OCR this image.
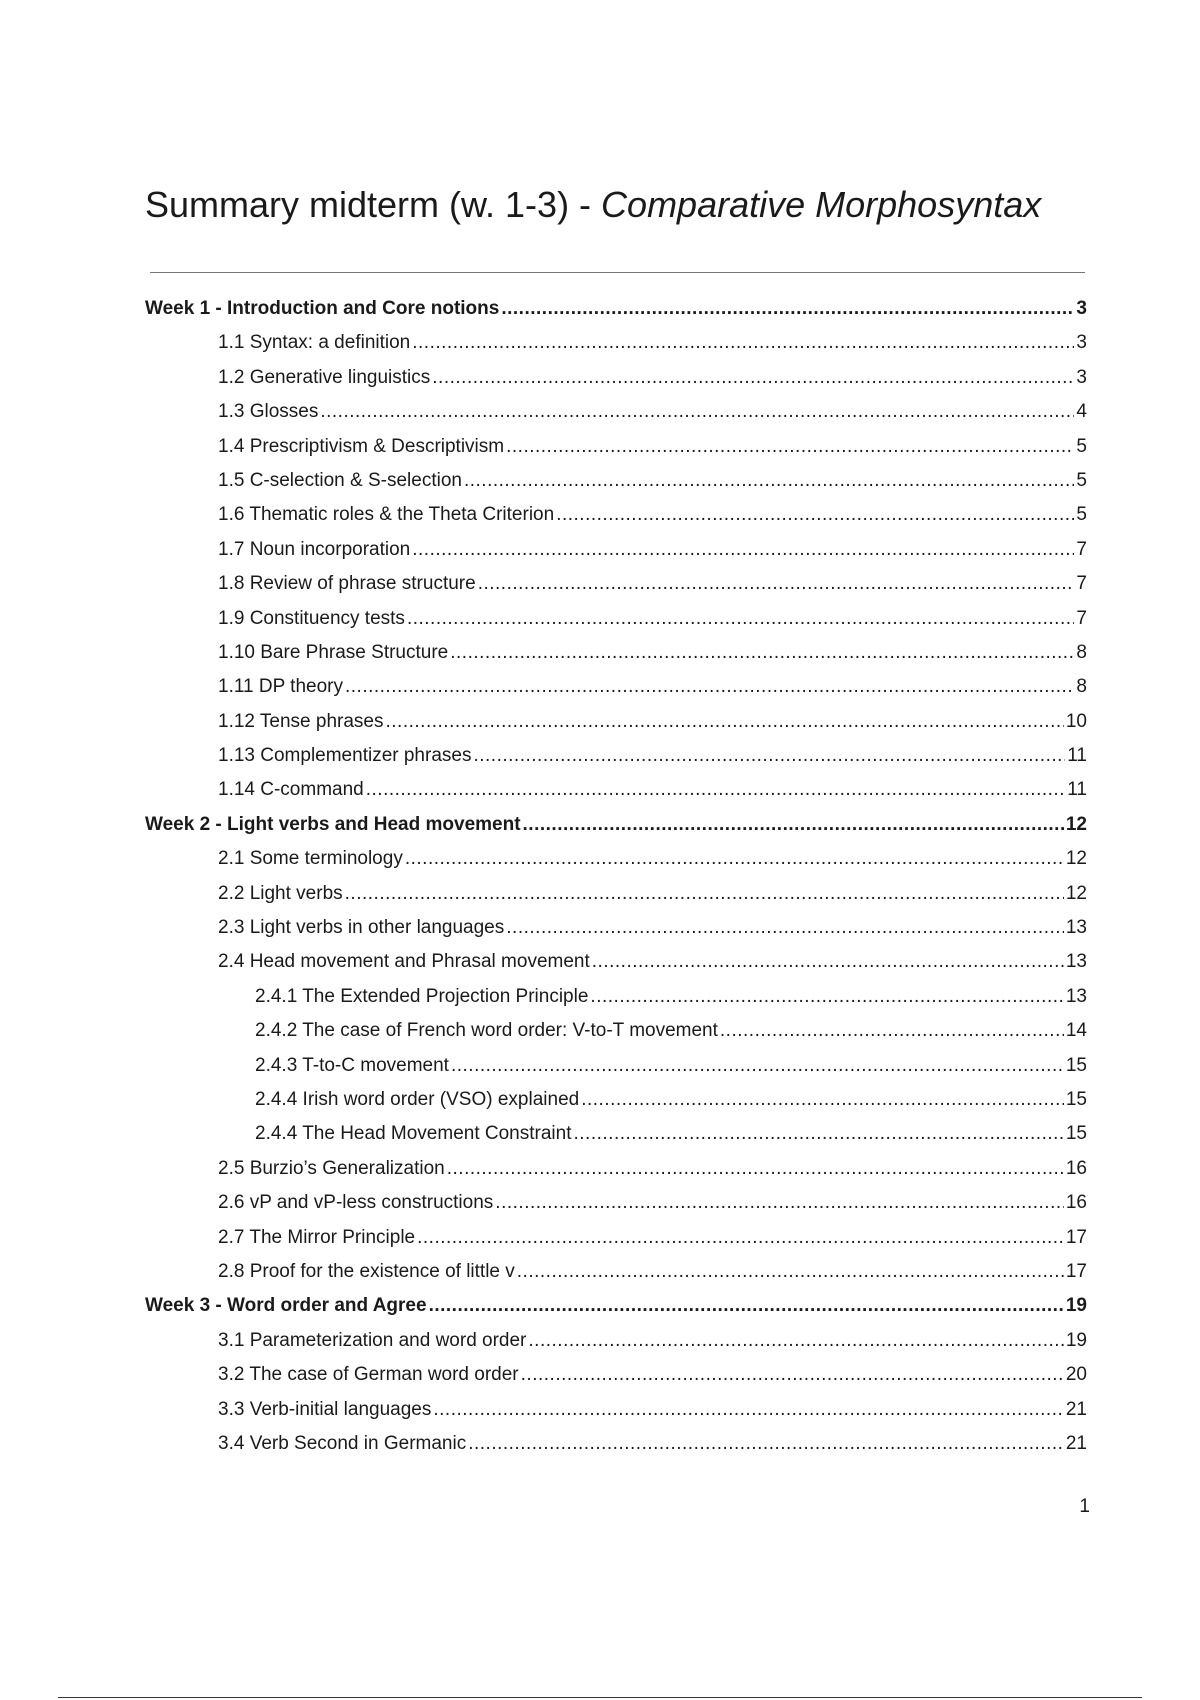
Summary midterm (w. 1-3) - Comparative Morphosyntax
Week 1 - Introduction and Core notions .....	3
1.1 Syntax: a definition .....	3
1.2 Generative linguistics .....	3
1.3 Glosses .....	4
1.4 Prescriptivism & Descriptivism .....	5
1.5 C-selection & S-selection .....	5
1.6 Thematic roles & the Theta Criterion .....	5
1.7 Noun incorporation .....	7
1.8 Review of phrase structure .....	7
1.9 Constituency tests .....	7
1.10 Bare Phrase Structure .....	8
1.11 DP theory .....	8
1.12 Tense phrases .....	10
1.13 Complementizer phrases .....	11
1.14 C-command .....	11
Week 2 - Light verbs and Head movement .....	12
2.1 Some terminology .....	12
2.2 Light verbs .....	12
2.3 Light verbs in other languages .....	13
2.4 Head movement and Phrasal movement .....	13
2.4.1 The Extended Projection Principle .....	13
2.4.2 The case of French word order: V-to-T movement .....	14
2.4.3 T-to-C movement .....	15
2.4.4 Irish word order (VSO) explained .....	15
2.4.4 The Head Movement Constraint .....	15
2.5 Burzio’s Generalization .....	16
2.6 vP and vP-less constructions .....	16
2.7 The Mirror Principle .....	17
2.8 Proof for the existence of little v .....	17
Week 3 - Word order and Agree .....	19
3.1 Parameterization and word order .....	19
3.2 The case of German word order .....	20
3.3 Verb-initial languages .....	21
3.4 Verb Second in Germanic .....	21
1
